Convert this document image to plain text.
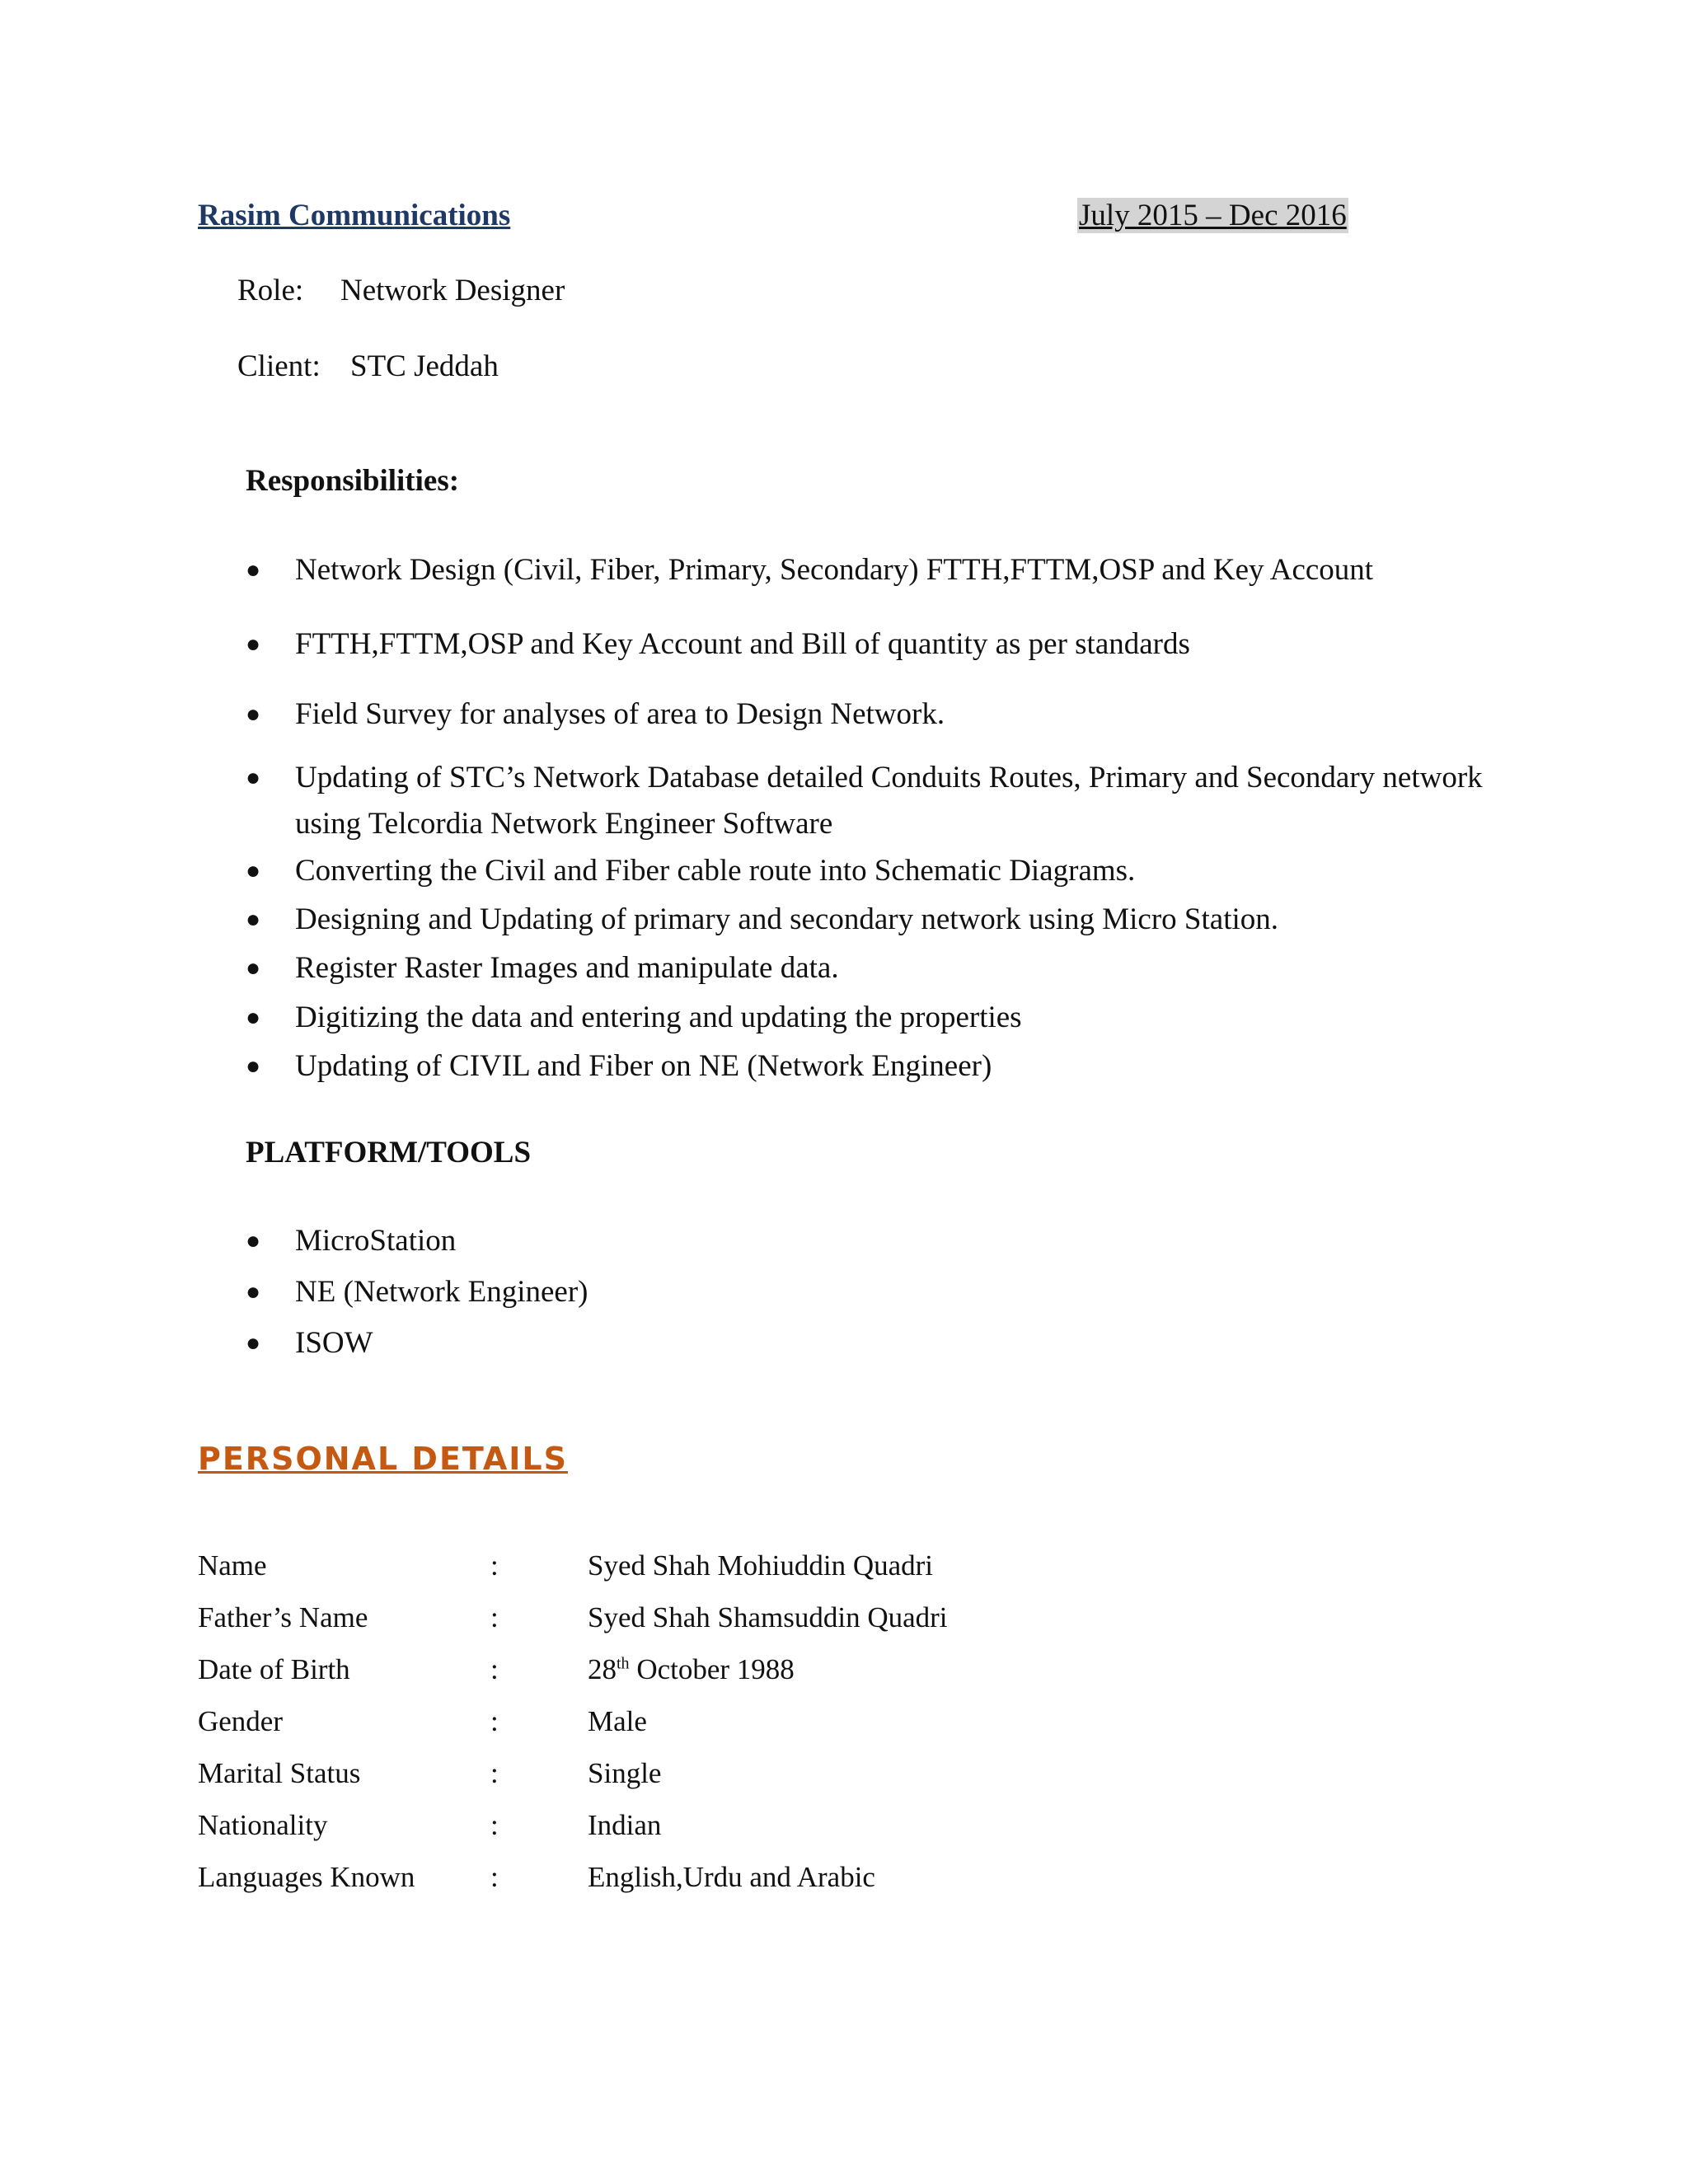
Rasim Communications	July 2015 – Dec 2016
Role: Network Designer
Client: STC Jeddah
Responsibilities:
●	Network Design (Civil, Fiber, Primary, Secondary) FTTH,FTTM,OSP and Key Account
●	FTTH,FTTM,OSP and Key Account and Bill of quantity as per standards
●	Field Survey for analyses of area to Design Network.
●	Updating of STC’s Network Database detailed Conduits Routes, Primary and Secondary network using Telcordia Network Engineer Software
●	Converting the Civil and Fiber cable route into Schematic Diagrams.
●	Designing and Updating of primary and secondary network using Micro Station.
●	Register Raster Images and manipulate data.
●	Digitizing the data and entering and updating the properties
●	Updating of CIVIL and Fiber on NE (Network Engineer)
PLATFORM/TOOLS
●	MicroStation
●	NE (Network Engineer)
●	ISOW
PERSONAL DETAILS
Name	:	Syed Shah Mohiuddin Quadri
Father’s Name	:	Syed Shah Shamsuddin Quadri
Date of Birth	:	28th October 1988
Gender	:	Male
Marital Status	:	Single
Nationality	:	Indian
Languages Known	:	English,Urdu and Arabic
